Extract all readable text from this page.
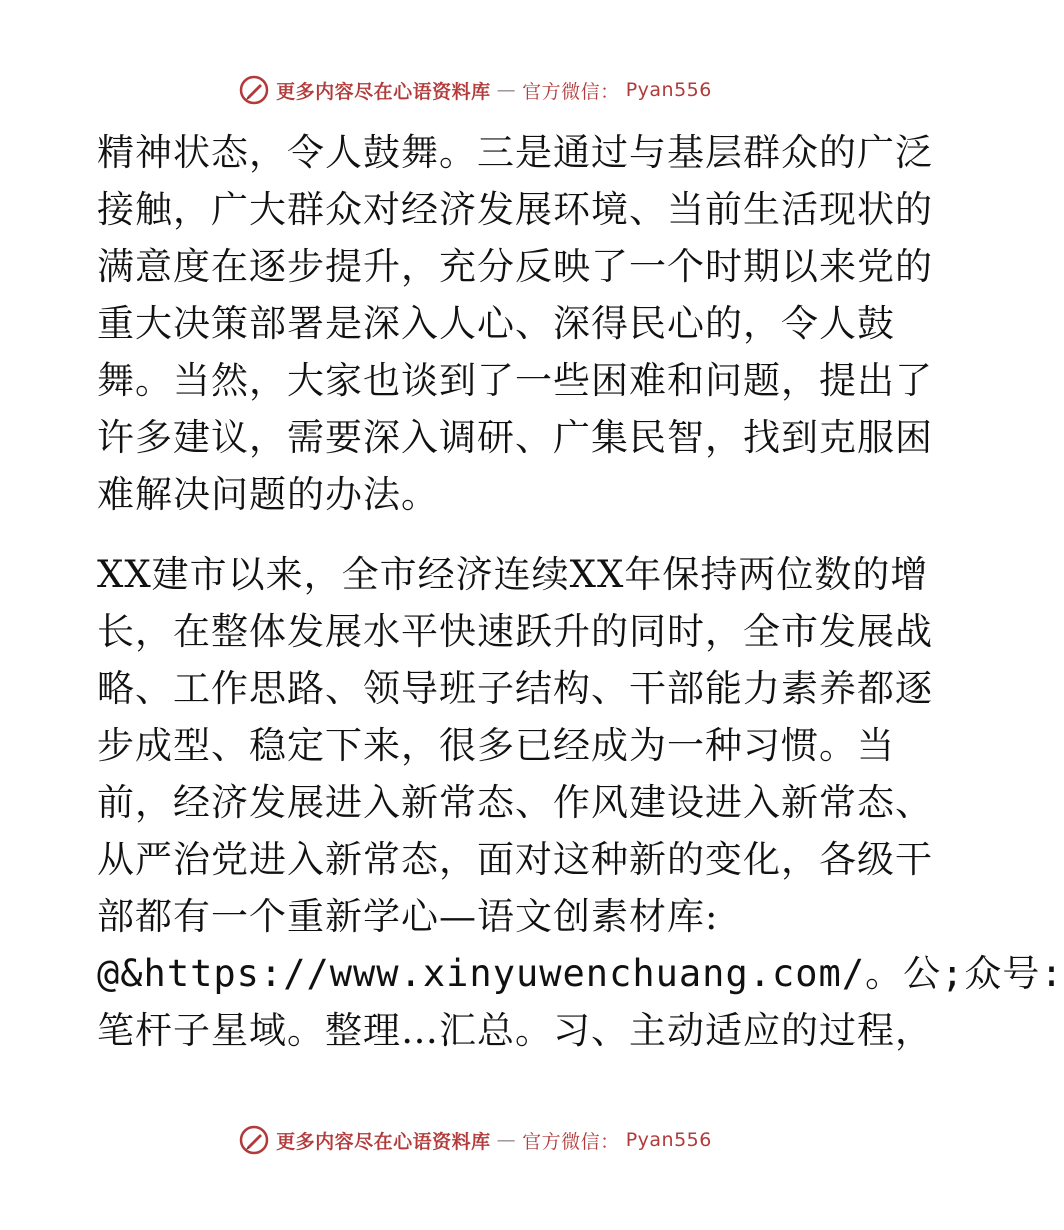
更多内容尽在心语资料库 — 官方微信： Pyan556

精神状态，令人鼓舞。三是通过与基层群众的广泛
接触，广大群众对经济发展环境、当前生活现状的
满意度在逐步提升，充分反映了一个时期以来党的
重大决策部署是深入人心、深得民心的，令人鼓
舞。当然，大家也谈到了一些困难和问题，提出了
许多建议，需要深入调研、广集民智，找到克服困
难解决问题的办法。

XX建市以来，全市经济连续XX年保持两位数的增
长，在整体发展水平快速跃升的同时，全市发展战
略、工作思路、领导班子结构、干部能力素养都逐
步成型、稳定下来，很多已经成为一种习惯。当
前，经济发展进入新常态、作风建设进入新常态、
从严治党进入新常态，面对这种新的变化，各级干
部都有一个重新学心—语文创素材库:
@&https://www.xinyuwenchuang.com/。公;众号:
笔杆子星域。整理…汇总。习、主动适应的过程，

更多内容尽在心语资料库 — 官方微信： Pyan556
